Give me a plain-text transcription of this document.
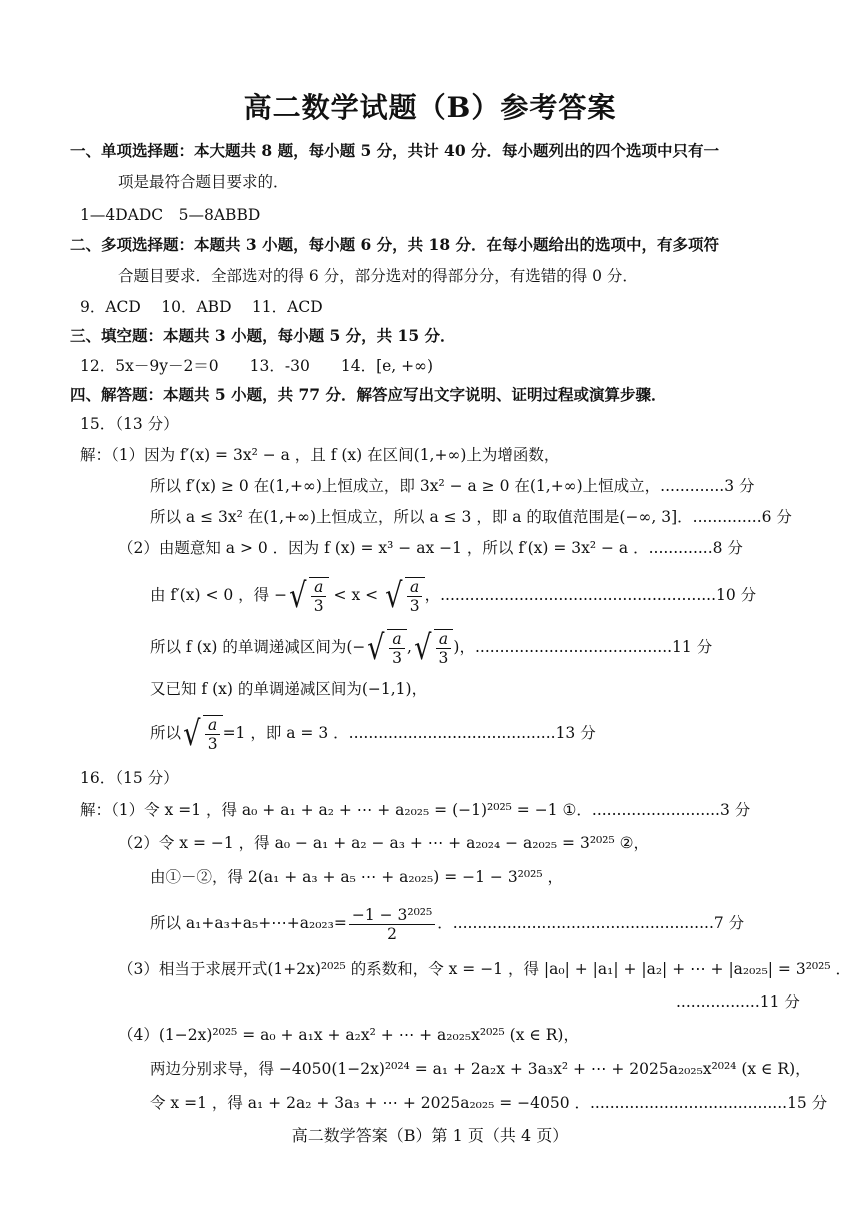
高二数学试题（B）参考答案
一、单项选择题：本大题共 8 题，每小题 5 分，共计 40 分．每小题列出的四个选项中只有一
项是最符合题目要求的．
1—4DADC　5—8ABBD
二、多项选择题：本题共 3 小题，每小题 6 分，共 18 分．在每小题给出的选项中，有多项符
合题目要求．全部选对的得 6 分，部分选对的得部分分，有选错的得 0 分．
9．ACD　 10．ABD　 11．ACD
三、填空题：本题共 3 小题，每小题 5 分，共 15 分．
12．5x－9y－2＝0　　13．-30　　14．[e, +∞)
四、解答题：本题共 5 小题，共 77 分．解答应写出文字说明、证明过程或演算步骤．
15．（13 分）
解：（1）因为 f′(x) = 3x² − a ，且 f (x) 在区间(1,+∞)上为增函数，
所以 f′(x) ≥ 0 在(1,+∞)上恒成立，即 3x² − a ≥ 0 在(1,+∞)上恒成立，.............3 分
所以 a ≤ 3x² 在(1,+∞)上恒成立，所以 a ≤ 3 ，即 a 的取值范围是(−∞, 3]．..............6 分
（2）由题意知 a > 0 ．因为 f (x) = x³ − ax −1 ，所以 f′(x) = 3x² − a ．.............8 分
由 f′(x) < 0 ，得 − √ $\frac{a}{3} < x$ < √ $\frac{a}{3}$ ，........................................................10 分
所以 f (x) 的单调递减区间为(− √ $\frac{a}{3}$ , √ $\frac{a}{3}$ )，........................................11 分
又已知 f (x) 的单调递减区间为(−1,1)，
所以 √ $\frac{a}{3} =1$ ，即 a = 3 ．..........................................13 分
16．（15 分）
解：（1）令 x =1 ，得 a₀ + a₁ + a₂ + ⋯ + a₂₀₂₅ = (−1)²⁰²⁵ = −1 ①．..........................3 分
（2）令 x = −1 ，得 a₀ − a₁ + a₂ − a₃ + ⋯ + a₂₀₂₄ − a₂₀₂₅ = 3²⁰²⁵ ②，
由①－②，得 2(a₁ + a₃ + a₅ ⋯ + a₂₀₂₅) = −1 − 3²⁰²⁵ ，
所以 a₁+a₃+a₅+⋯+a₂₀₂₃= $\frac{\text{−1 − 3²⁰²⁵}}{2}$ ．.....................................................7 分
（3）相当于求展开式(1+2x)²⁰²⁵ 的系数和，令 x = −1 ，得 |a₀| + |a₁| + |a₂| + ⋯ + |a₂₀₂₅| = 3²⁰²⁵ ．
.................11 分
（4）(1−2x)²⁰²⁵ = a₀ + a₁x + a₂x² + ⋯ + a₂₀₂₅x²⁰²⁵ (x ∈ R)，
两边分别求导，得 −4050(1−2x)²⁰²⁴ = a₁ + 2a₂x + 3a₃x² + ⋯ + 2025a₂₀₂₅x²⁰²⁴ (x ∈ R)，
令 x =1 ，得 a₁ + 2a₂ + 3a₃ + ⋯ + 2025a₂₀₂₅ = −4050 ．........................................15 分
高二数学答案（B）第 1 页（共 4 页）
